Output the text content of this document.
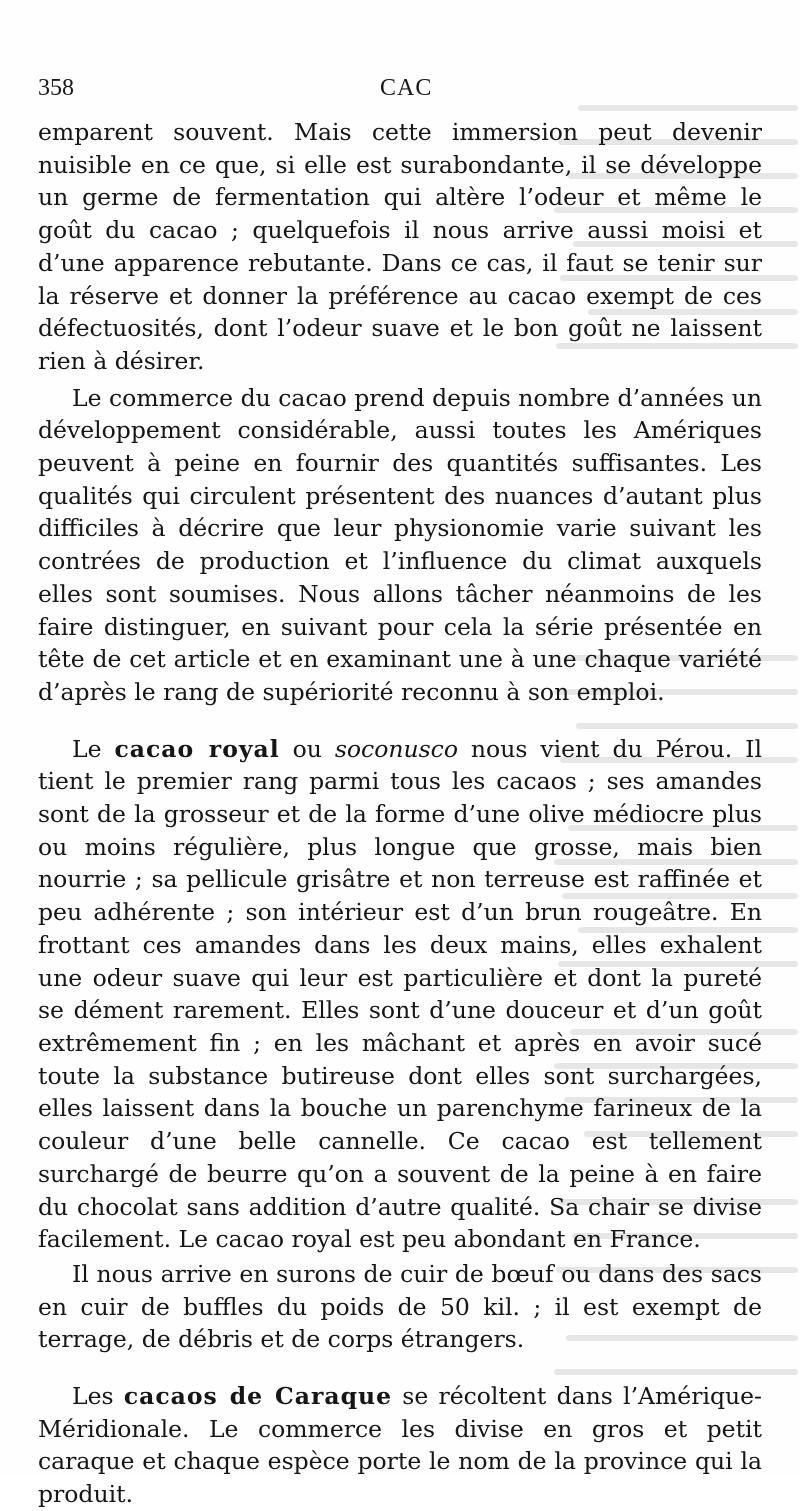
358	CAC

emparent souvent. Mais cette immersion peut devenir nuisible en ce que, si elle est surabondante, il se développe un germe de fermentation qui altère l’odeur et même le goût du cacao ; quelquefois il nous arrive aussi moisi et d’une apparence rebutante. Dans ce cas, il faut se tenir sur la réserve et donner la préférence au cacao exempt de ces défectuosités, dont l’odeur suave et le bon goût ne laissent rien à désirer.

Le commerce du cacao prend depuis nombre d’années un développement considérable, aussi toutes les Amériques peuvent à peine en fournir des quantités suffisantes. Les qualités qui circulent présentent des nuances d’autant plus difficiles à décrire que leur physionomie varie suivant les contrées de production et l’influence du climat auxquels elles sont soumises. Nous allons tâcher néanmoins de les faire distinguer, en suivant pour cela la série présentée en tête de cet article et en examinant une à une chaque variété d’après le rang de supériorité reconnu à son emploi.

Le cacao royal ou soconusco nous vient du Pérou. Il tient le premier rang parmi tous les cacaos ; ses amandes sont de la grosseur et de la forme d’une olive médiocre plus ou moins régulière, plus longue que grosse, mais bien nourrie ; sa pellicule grisâtre et non terreuse est raffinée et peu adhérente ; son intérieur est d’un brun rougeâtre. En frottant ces amandes dans les deux mains, elles exhalent une odeur suave qui leur est particulière et dont la pureté se dément rarement. Elles sont d’une douceur et d’un goût extrêmement fin ; en les mâchant et après en avoir sucé toute la substance butireuse dont elles sont surchargées, elles laissent dans la bouche un parenchyme farineux de la couleur d’une belle cannelle. Ce cacao est tellement surchargé de beurre qu’on a souvent de la peine à en faire du chocolat sans addition d’autre qualité. Sa chair se divise facilement. Le cacao royal est peu abondant en France.

Il nous arrive en surons de cuir de bœuf ou dans des sacs en cuir de buffles du poids de 50 kil. ; il est exempt de terrage, de débris et de corps étrangers.

Les cacaos de Caraque se récoltent dans l’Amérique-Méridionale. Le commerce les divise en gros et petit caraque et chaque espèce porte le nom de la province qui la produit.
